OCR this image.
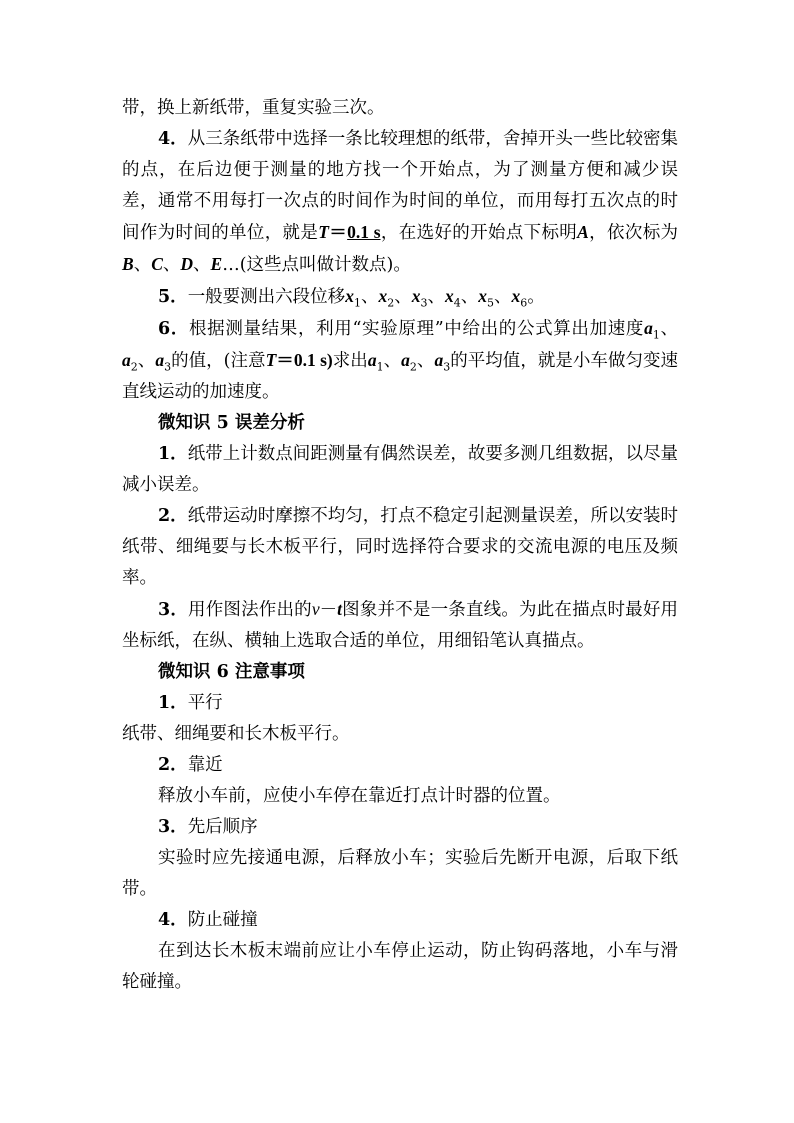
带，换上新纸带，重复实验三次。

4．从三条纸带中选择一条比较理想的纸带，舍掉开头一些比较密集的点，在后边便于测量的地方找一个开始点，为了测量方便和减少误差，通常不用每打一次点的时间作为时间的单位，而用每打五次点的时间作为时间的单位，就是T＝0.1 s，在选好的开始点下标明A，依次标为B、C、D、E…(这些点叫做计数点)。

5．一般要测出六段位移$x_1$、$x_2$、$x_3$、$x_4$、$x_5$、$x_6$。

6．根据测量结果，利用“实验原理”中给出的公式算出加速度$a_1$、$a_2$、$a_3$的值，(注意T＝0.1 s)求出$a_1$、$a_2$、$a_3$的平均值，就是小车做匀变速直线运动的加速度。

微知识 5 误差分析

1．纸带上计数点间距测量有偶然误差，故要多测几组数据，以尽量减小误差。

2．纸带运动时摩擦不均匀，打点不稳定引起测量误差，所以安装时纸带、细绳要与长木板平行，同时选择符合要求的交流电源的电压及频率。

3．用作图法作出的v－t图象并不是一条直线。为此在描点时最好用坐标纸，在纵、横轴上选取合适的单位，用细铅笔认真描点。

微知识 6 注意事项

1．平行

纸带、细绳要和长木板平行。

2．靠近

释放小车前，应使小车停在靠近打点计时器的位置。

3．先后顺序

实验时应先接通电源，后释放小车；实验后先断开电源，后取下纸带。

4．防止碰撞

在到达长木板末端前应让小车停止运动，防止钩码落地，小车与滑轮碰撞。
